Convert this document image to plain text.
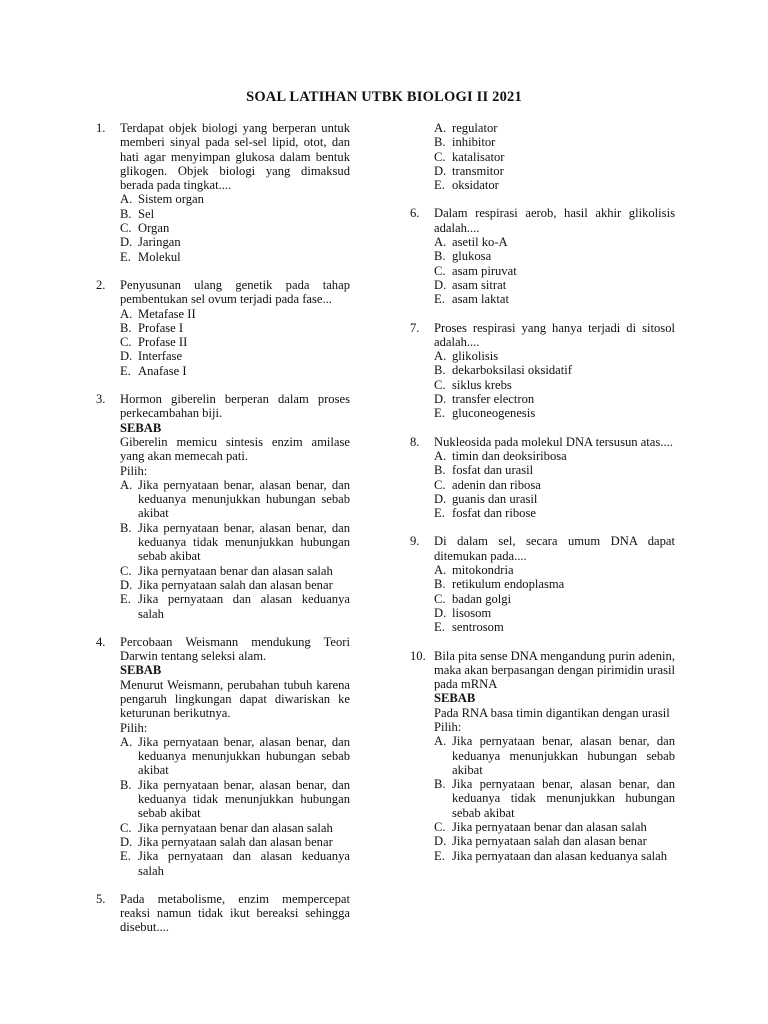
SOAL LATIHAN UTBK BIOLOGI II 2021
1. Terdapat objek biologi yang berperan untuk memberi sinyal pada sel-sel lipid, otot, dan hati agar menyimpan glukosa dalam bentuk glikogen. Objek biologi yang dimaksud berada pada tingkat....
A. Sistem organ
B. Sel
C. Organ
D. Jaringan
E. Molekul
2. Penyusunan ulang genetik pada tahap pembentukan sel ovum terjadi pada fase...
A. Metafase II
B. Profase I
C. Profase II
D. Interfase
E. Anafase I
3. Hormon giberelin berperan dalam proses perkecambahan biji.
SEBAB
Giberelin memicu sintesis enzim amilase yang akan memecah pati.
Pilih:
A. Jika pernyataan benar, alasan benar, dan keduanya menunjukkan hubungan sebab akibat
B. Jika pernyataan benar, alasan benar, dan keduanya tidak menunjukkan hubungan sebab akibat
C. Jika pernyataan benar dan alasan salah
D. Jika pernyataan salah dan alasan benar
E. Jika pernyataan dan alasan keduanya salah
4. Percobaan Weismann mendukung Teori Darwin tentang seleksi alam.
SEBAB
Menurut Weismann, perubahan tubuh karena pengaruh lingkungan dapat diwariskan ke keturunan berikutnya.
Pilih:
A. Jika pernyataan benar, alasan benar, dan keduanya menunjukkan hubungan sebab akibat
B. Jika pernyataan benar, alasan benar, dan keduanya tidak menunjukkan hubungan sebab akibat
C. Jika pernyataan benar dan alasan salah
D. Jika pernyataan salah dan alasan benar
E. Jika pernyataan dan alasan keduanya salah
5. Pada metabolisme, enzim mempercepat reaksi namun tidak ikut bereaksi sehingga disebut....
A. regulator
B. inhibitor
C. katalisator
D. transmitor
E. oksidator
6. Dalam respirasi aerob, hasil akhir glikolisis adalah....
A. asetil ko-A
B. glukosa
C. asam piruvat
D. asam sitrat
E. asam laktat
7. Proses respirasi yang hanya terjadi di sitosol adalah....
A. glikolisis
B. dekarboksilasi oksidatif
C. siklus krebs
D. transfer electron
E. gluconeogenesis
8. Nukleosida pada molekul DNA tersusun atas....
A. timin dan deoksiribosa
B. fosfat dan urasil
C. adenin dan ribosa
D. guanis dan urasil
E. fosfat dan ribose
9. Di dalam sel, secara umum DNA dapat ditemukan pada....
A. mitokondria
B. retikulum endoplasma
C. badan golgi
D. lisosom
E. sentrosom
10. Bila pita sense DNA mengandung purin adenin, maka akan berpasangan dengan pirimidin urasil pada mRNA
SEBAB
Pada RNA basa timin digantikan dengan urasil
Pilih:
A. Jika pernyataan benar, alasan benar, dan keduanya menunjukkan hubungan sebab akibat
B. Jika pernyataan benar, alasan benar, dan keduanya tidak menunjukkan hubungan sebab akibat
C. Jika pernyataan benar dan alasan salah
D. Jika pernyataan salah dan alasan benar
E. Jika pernyataan dan alasan keduanya salah
